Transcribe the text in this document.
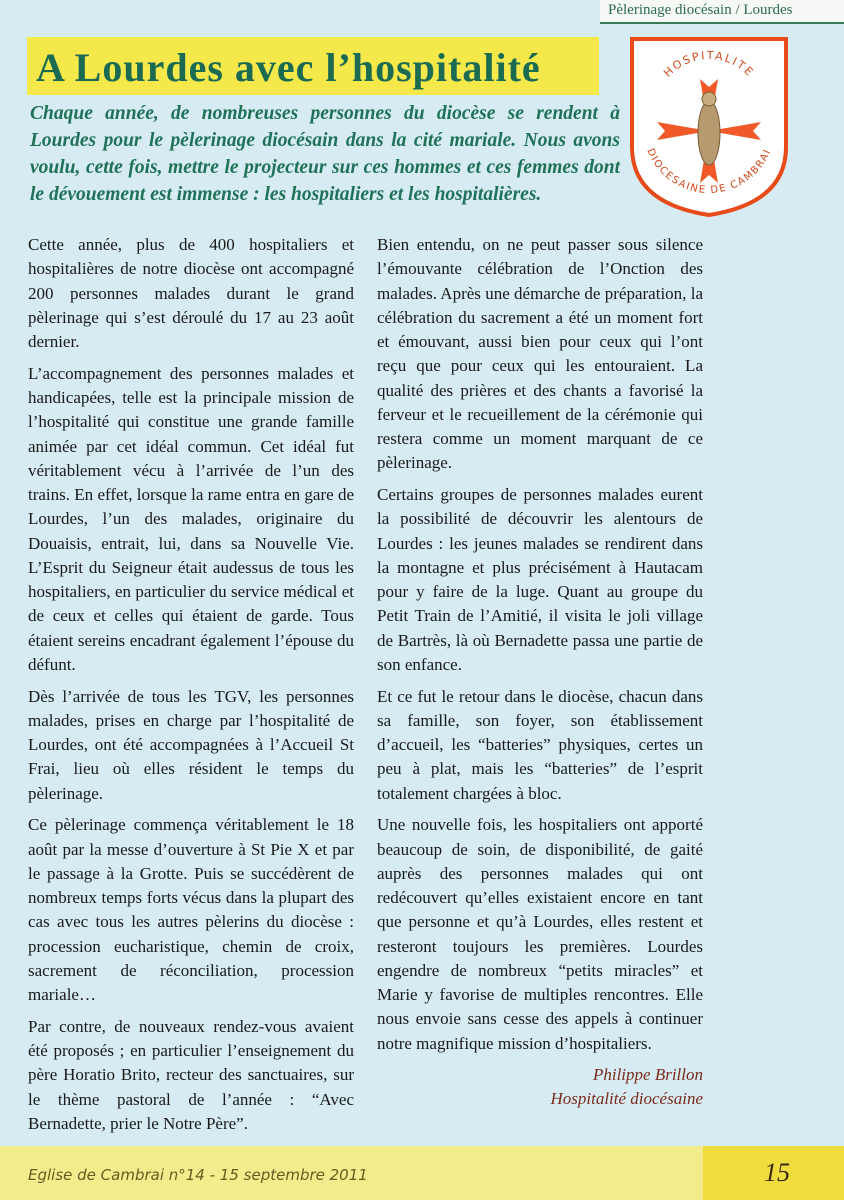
Pèlerinage diocésain / Lourdes
A Lourdes avec l’hospitalité

Chaque année, de nombreuses personnes du diocèse se rendent à Lourdes pour le pèlerinage diocésain dans la cité mariale. Nous avons voulu, cette fois, mettre le projecteur sur ces hommes et ces femmes dont le dévouement est immense : les hospitaliers et les hospitalières.

HOSPITALITE
DIOCESAINE DE CAMBRAI

Cette année, plus de 400 hospitaliers et hospitalières de notre diocèse ont accompagné 200 personnes malades durant le grand pèlerinage qui s’est déroulé du 17 au 23 août dernier.

L’accompagnement des personnes malades et handicapées, telle est la principale mission de l’hospitalité qui constitue une grande famille animée par cet idéal commun. Cet idéal fut véritablement vécu à l’arrivée de l’un des trains. En effet, lorsque la rame entra en gare de Lourdes, l’un des malades, originaire du Douaisis, entrait, lui, dans sa Nouvelle Vie. L’Esprit du Seigneur était audessus de tous les hospitaliers, en particulier du service médical et de ceux et celles qui étaient de garde. Tous étaient sereins encadrant également l’épouse du défunt.

Dès l’arrivée de tous les TGV, les personnes malades, prises en charge par l’hospitalité de Lourdes, ont été accompagnées à l’Accueil St Frai, lieu où elles résident le temps du pèlerinage.

Ce pèlerinage commença véritablement le 18 août par la messe d’ouverture à St Pie X et par le passage à la Grotte. Puis se succédèrent de nombreux temps forts vécus dans la plupart des cas avec tous les autres pèlerins du diocèse : procession eucharistique, chemin de croix, sacrement de réconciliation, procession mariale…

Par contre, de nouveaux rendez-vous avaient été proposés ; en particulier l’enseignement du père Horatio Brito, recteur des sanctuaires, sur le thème pastoral de l’année : “Avec Bernadette, prier le Notre Père”.

Bien entendu, on ne peut passer sous silence l’émouvante célébration de l’Onction des malades. Après une démarche de préparation, la célébration du sacrement a été un moment fort et émouvant, aussi bien pour ceux qui l’ont reçu que pour ceux qui les entouraient. La qualité des prières et des chants a favorisé la ferveur et le recueillement de la cérémonie qui restera comme un moment marquant de ce pèlerinage.

Certains groupes de personnes malades eurent la possibilité de découvrir les alentours de Lourdes : les jeunes malades se rendirent dans la montagne et plus précisément à Hautacam pour y faire de la luge. Quant au groupe du Petit Train de l’Amitié, il visita le joli village de Bartrès, là où Bernadette passa une partie de son enfance.

Et ce fut le retour dans le diocèse, chacun dans sa famille, son foyer, son établissement d’accueil, les “batteries” physiques, certes un peu à plat, mais les “batteries” de l’esprit totalement chargées à bloc.

Une nouvelle fois, les hospitaliers ont apporté beaucoup de soin, de disponibilité, de gaité auprès des personnes malades qui ont redécouvert qu’elles existaient encore en tant que personne et qu’à Lourdes, elles restent et resteront toujours les premières. Lourdes engendre de nombreux “petits miracles” et Marie y favorise de multiples rencontres. Elle nous envoie sans cesse des appels à continuer notre magnifique mission d’hospitaliers.

Philippe Brillon
Hospitalité diocésaine
Eglise de Cambrai n°14 - 15 septembre 2011	15
